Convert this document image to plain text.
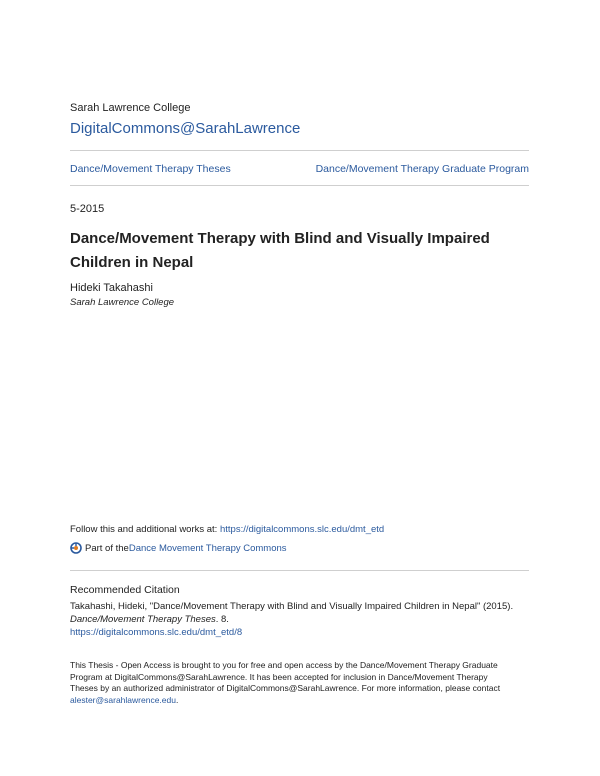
Sarah Lawrence College
DigitalCommons@SarahLawrence
Dance/Movement Therapy Theses	Dance/Movement Therapy Graduate Program
5-2015
Dance/Movement Therapy with Blind and Visually Impaired
Children in Nepal
Hideki Takahashi
Sarah Lawrence College
Follow this and additional works at: https://digitalcommons.slc.edu/dmt_etd
Part of the Dance Movement Therapy Commons
Recommended Citation
Takahashi, Hideki, "Dance/Movement Therapy with Blind and Visually Impaired Children in Nepal" (2015).
Dance/Movement Therapy Theses. 8.
https://digitalcommons.slc.edu/dmt_etd/8
This Thesis - Open Access is brought to you for free and open access by the Dance/Movement Therapy Graduate
Program at DigitalCommons@SarahLawrence. It has been accepted for inclusion in Dance/Movement Therapy
Theses by an authorized administrator of DigitalCommons@SarahLawrence. For more information, please contact
alester@sarahlawrence.edu.
